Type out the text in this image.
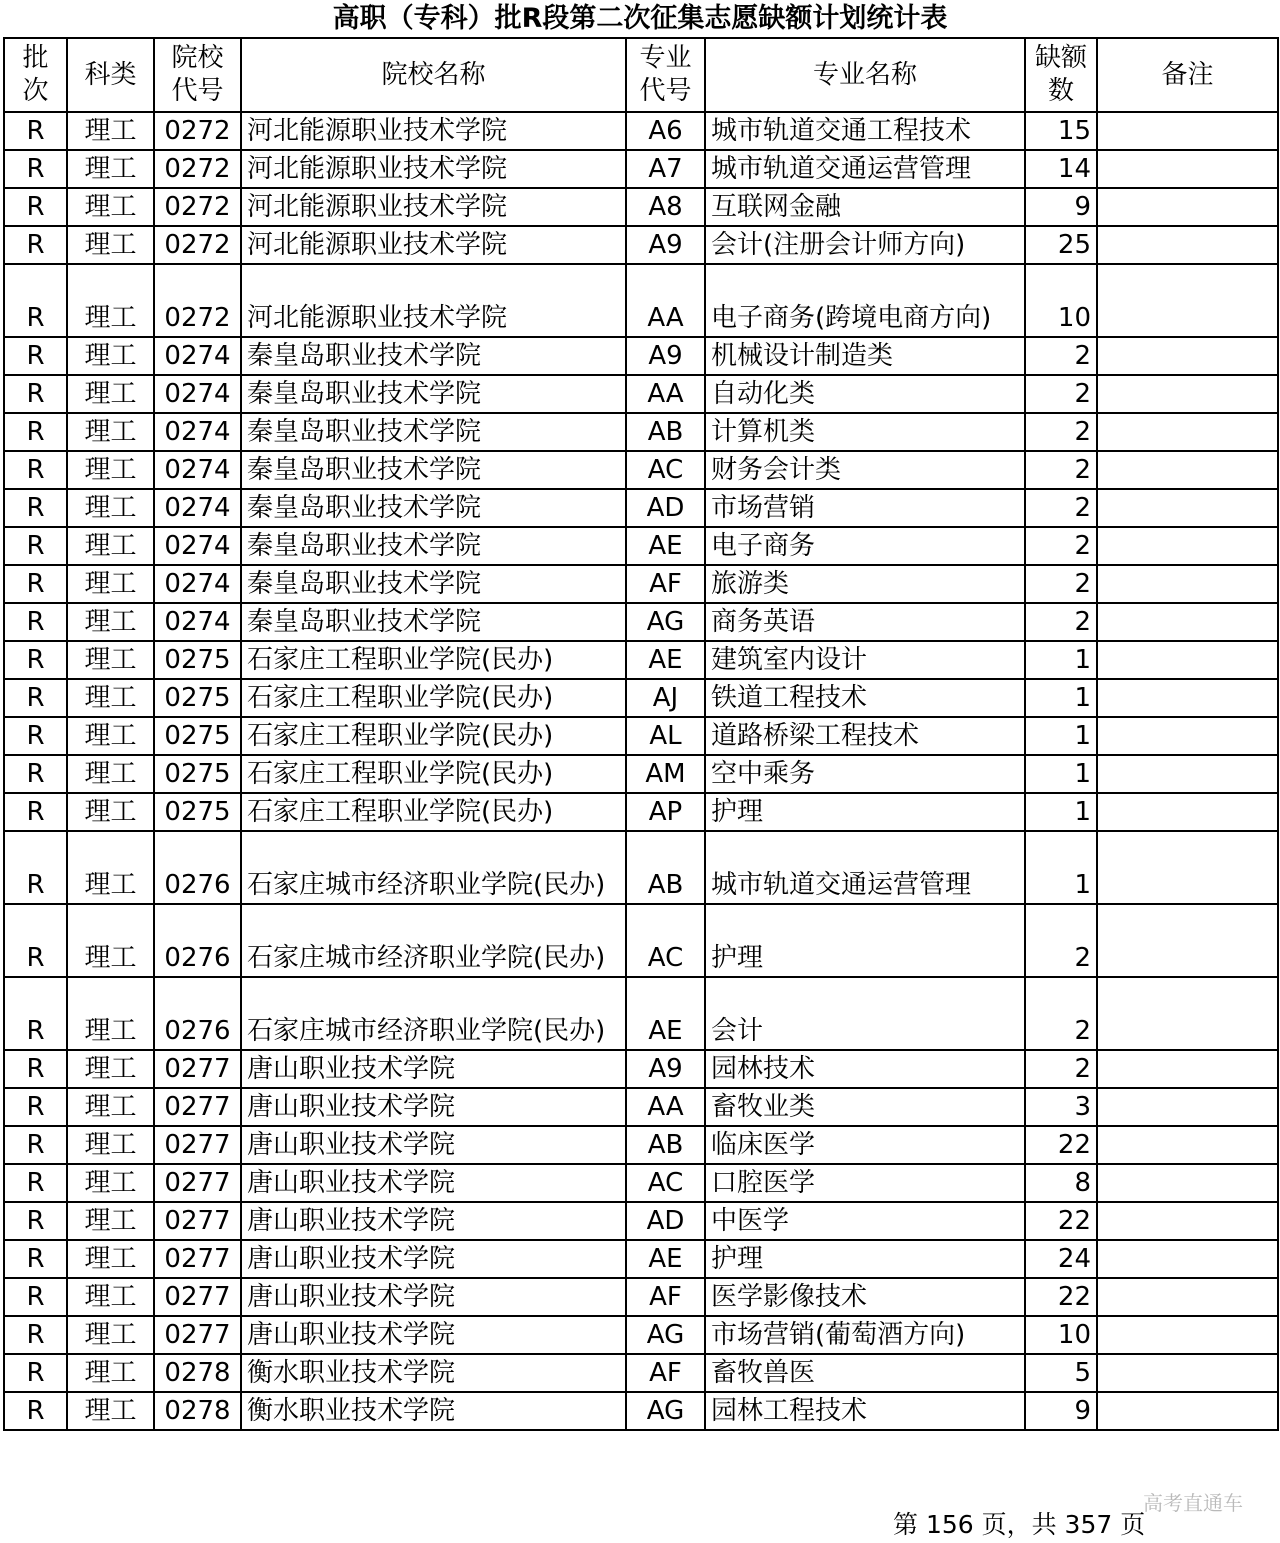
高职（专科）批R段第二次征集志愿缺额计划统计表
批次	科类	院校代号	院校名称	专业代号	专业名称	缺额数	备注
R	理工	0272	河北能源职业技术学院	A6	城市轨道交通工程技术	15	
R	理工	0272	河北能源职业技术学院	A7	城市轨道交通运营管理	14	
R	理工	0272	河北能源职业技术学院	A8	互联网金融	9	
R	理工	0272	河北能源职业技术学院	A9	会计(注册会计师方向)	25	
R	理工	0272	河北能源职业技术学院	AA	电子商务(跨境电商方向)	10	
R	理工	0274	秦皇岛职业技术学院	A9	机械设计制造类	2	
R	理工	0274	秦皇岛职业技术学院	AA	自动化类	2	
R	理工	0274	秦皇岛职业技术学院	AB	计算机类	2	
R	理工	0274	秦皇岛职业技术学院	AC	财务会计类	2	
R	理工	0274	秦皇岛职业技术学院	AD	市场营销	2	
R	理工	0274	秦皇岛职业技术学院	AE	电子商务	2	
R	理工	0274	秦皇岛职业技术学院	AF	旅游类	2	
R	理工	0274	秦皇岛职业技术学院	AG	商务英语	2	
R	理工	0275	石家庄工程职业学院(民办)	AE	建筑室内设计	1	
R	理工	0275	石家庄工程职业学院(民办)	AJ	铁道工程技术	1	
R	理工	0275	石家庄工程职业学院(民办)	AL	道路桥梁工程技术	1	
R	理工	0275	石家庄工程职业学院(民办)	AM	空中乘务	1	
R	理工	0275	石家庄工程职业学院(民办)	AP	护理	1	
R	理工	0276	石家庄城市经济职业学院(民办)	AB	城市轨道交通运营管理	1	
R	理工	0276	石家庄城市经济职业学院(民办)	AC	护理	2	
R	理工	0276	石家庄城市经济职业学院(民办)	AE	会计	2	
R	理工	0277	唐山职业技术学院	A9	园林技术	2	
R	理工	0277	唐山职业技术学院	AA	畜牧业类	3	
R	理工	0277	唐山职业技术学院	AB	临床医学	22	
R	理工	0277	唐山职业技术学院	AC	口腔医学	8	
R	理工	0277	唐山职业技术学院	AD	中医学	22	
R	理工	0277	唐山职业技术学院	AE	护理	24	
R	理工	0277	唐山职业技术学院	AF	医学影像技术	22	
R	理工	0277	唐山职业技术学院	AG	市场营销(葡萄酒方向)	10	
R	理工	0278	衡水职业技术学院	AF	畜牧兽医	5	
R	理工	0278	衡水职业技术学院	AG	园林工程技术	9	
第 156 页，共 357 页
高考直通车
